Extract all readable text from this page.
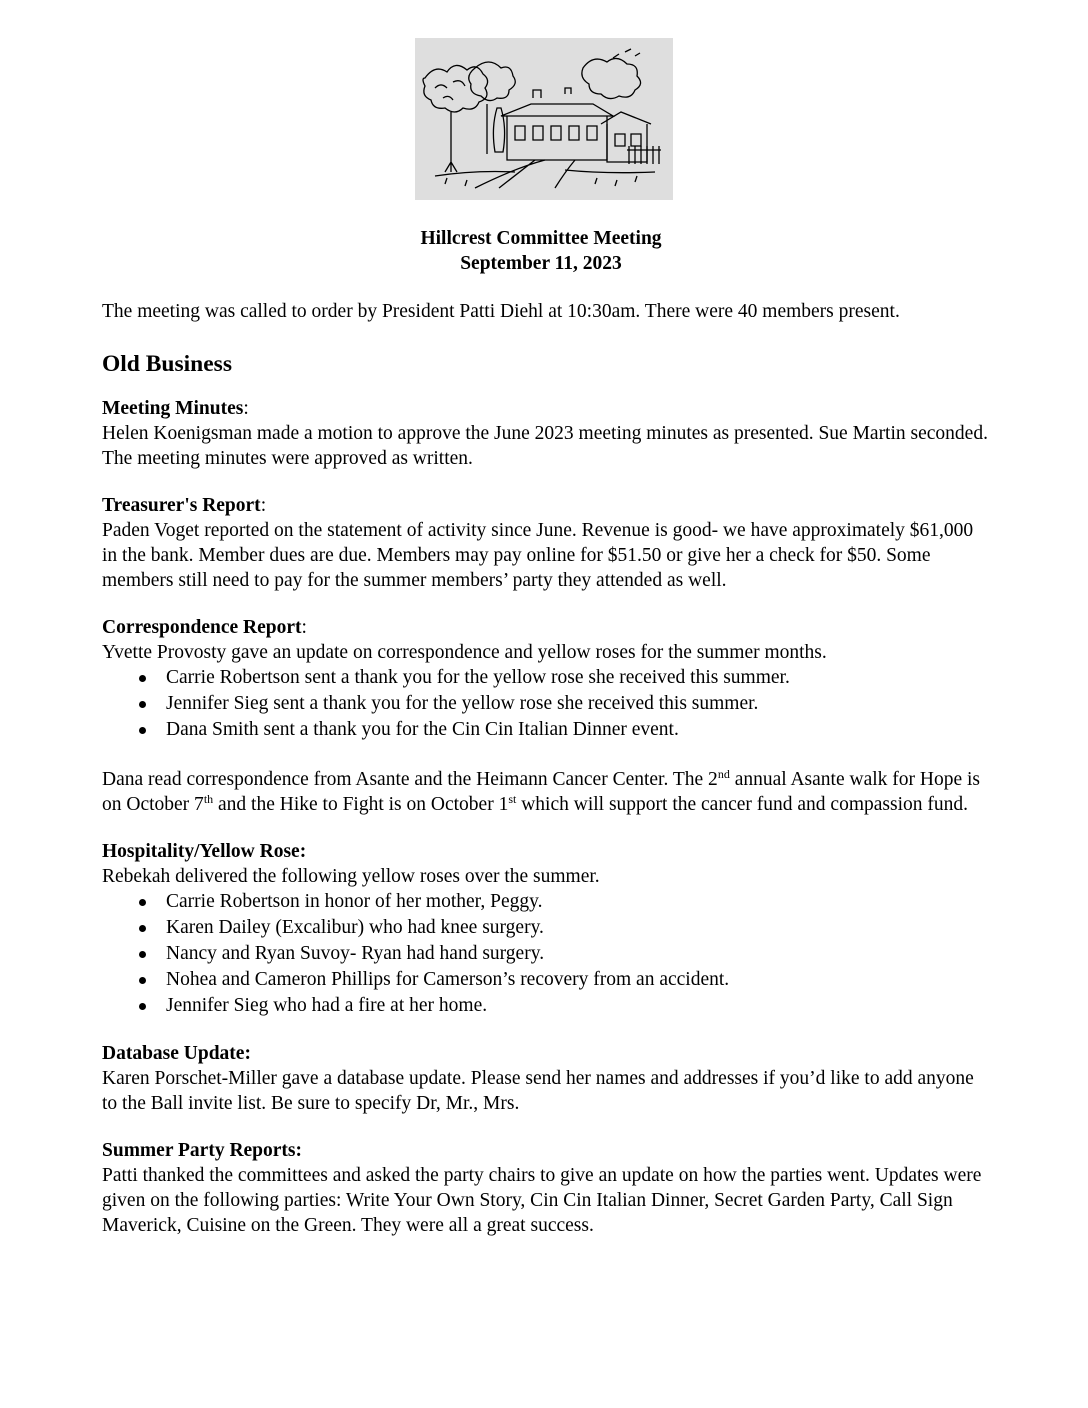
Hillcrest Committee Meeting
September 11, 2023

The meeting was called to order by President Patti Diehl at 10:30am. There were 40 members present.

Old Business

Meeting Minutes:

Helen Koenigsman made a motion to approve the June 2023 meeting minutes as presented. Sue Martin seconded. The meeting minutes were approved as written.

Treasurer's Report:

Paden Voget reported on the statement of activity since June. Revenue is good- we have approximately $61,000 in the bank. Member dues are due. Members may pay online for $51.50 or give her a check for $50. Some members still need to pay for the summer members’ party they attended as well.

Correspondence Report:

Yvette Provosty gave an update on correspondence and yellow roses for the summer months.

Carrie Robertson sent a thank you for the yellow rose she received this summer.
Jennifer Sieg sent a thank you for the yellow rose she received this summer.
Dana Smith sent a thank you for the Cin Cin Italian Dinner event.

Dana read correspondence from Asante and the Heimann Cancer Center. The 2nd annual Asante walk for Hope is on October 7th and the Hike to Fight is on October 1st which will support the cancer fund and compassion fund.

Hospitality/Yellow Rose:

Rebekah delivered the following yellow roses over the summer.

Carrie Robertson in honor of her mother, Peggy.
Karen Dailey (Excalibur) who had knee surgery.
Nancy and Ryan Suvoy- Ryan had hand surgery.
Nohea and Cameron Phillips for Camerson’s recovery from an accident.
Jennifer Sieg who had a fire at her home.

Database Update:

Karen Porschet-Miller gave a database update. Please send her names and addresses if you’d like to add anyone to the Ball invite list. Be sure to specify Dr, Mr., Mrs.

Summer Party Reports:

Patti thanked the committees and asked the party chairs to give an update on how the parties went. Updates were given on the following parties: Write Your Own Story, Cin Cin Italian Dinner, Secret Garden Party, Call Sign Maverick, Cuisine on the Green. They were all a great success.
